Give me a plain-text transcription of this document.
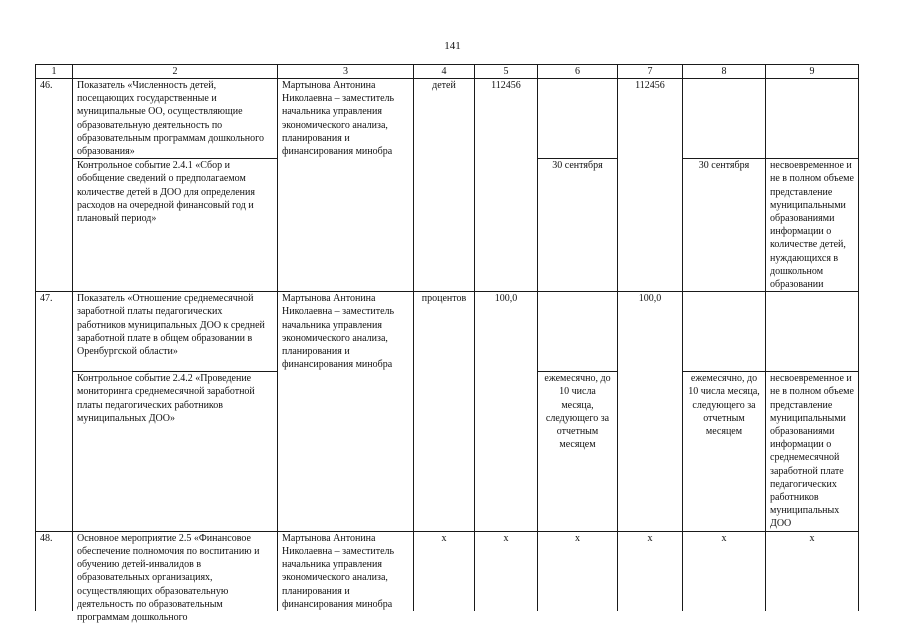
141
1	2	3	4	5	6	7	8	9
46.	Показатель «Численность детей, посещающих государственные и муниципальные ОО, осуществляющие образовательную деятельность по образовательным программам дошкольного образования»	Мартынова Антонина Николаевна – заместитель начальника управления экономического анализа, планирования и финансирования минобра	детей	112456		112456		
	Контрольное событие 2.4.1 «Сбор и обобщение сведений о предполагаемом количестве детей в ДОО для определения расходов на очередной финансовый год и плановый период»				30 сентября		30 сентября	несвоевременное и не в полном объеме представление муниципальными образованиями информации о количестве детей, нуждающихся в дошкольном образовании
47.	Показатель «Отношение среднемесячной заработной платы педагогических работников муниципальных ДОО к средней заработной плате в общем образовании в Оренбургской области»	Мартынова Антонина Николаевна – заместитель начальника управления экономического анализа, планирования и финансирования минобра	процентов	100,0		100,0		
	Контрольное событие 2.4.2 «Проведение мониторинга среднемесячной заработной платы педагогических работников муниципальных ДОО»				ежемесячно, до 10 числа месяца, следующего за отчетным месяцем		ежемесячно, до 10 числа месяца, следующего за отчетным месяцем	несвоевременное и не в полном объеме представление муниципальными образованиями информации о среднемесячной заработной плате педагогических работников муниципальных ДОО
48.	Основное мероприятие 2.5 «Финансовое обеспечение полномочия по воспитанию и обучению детей-инвалидов в образовательных организациях, осуществляющих образовательную деятельность по образовательным программам дошкольного	Мартынова Антонина Николаевна – заместитель начальника управления экономического анализа, планирования и финансирования минобра	х	х	х	х	х	х
